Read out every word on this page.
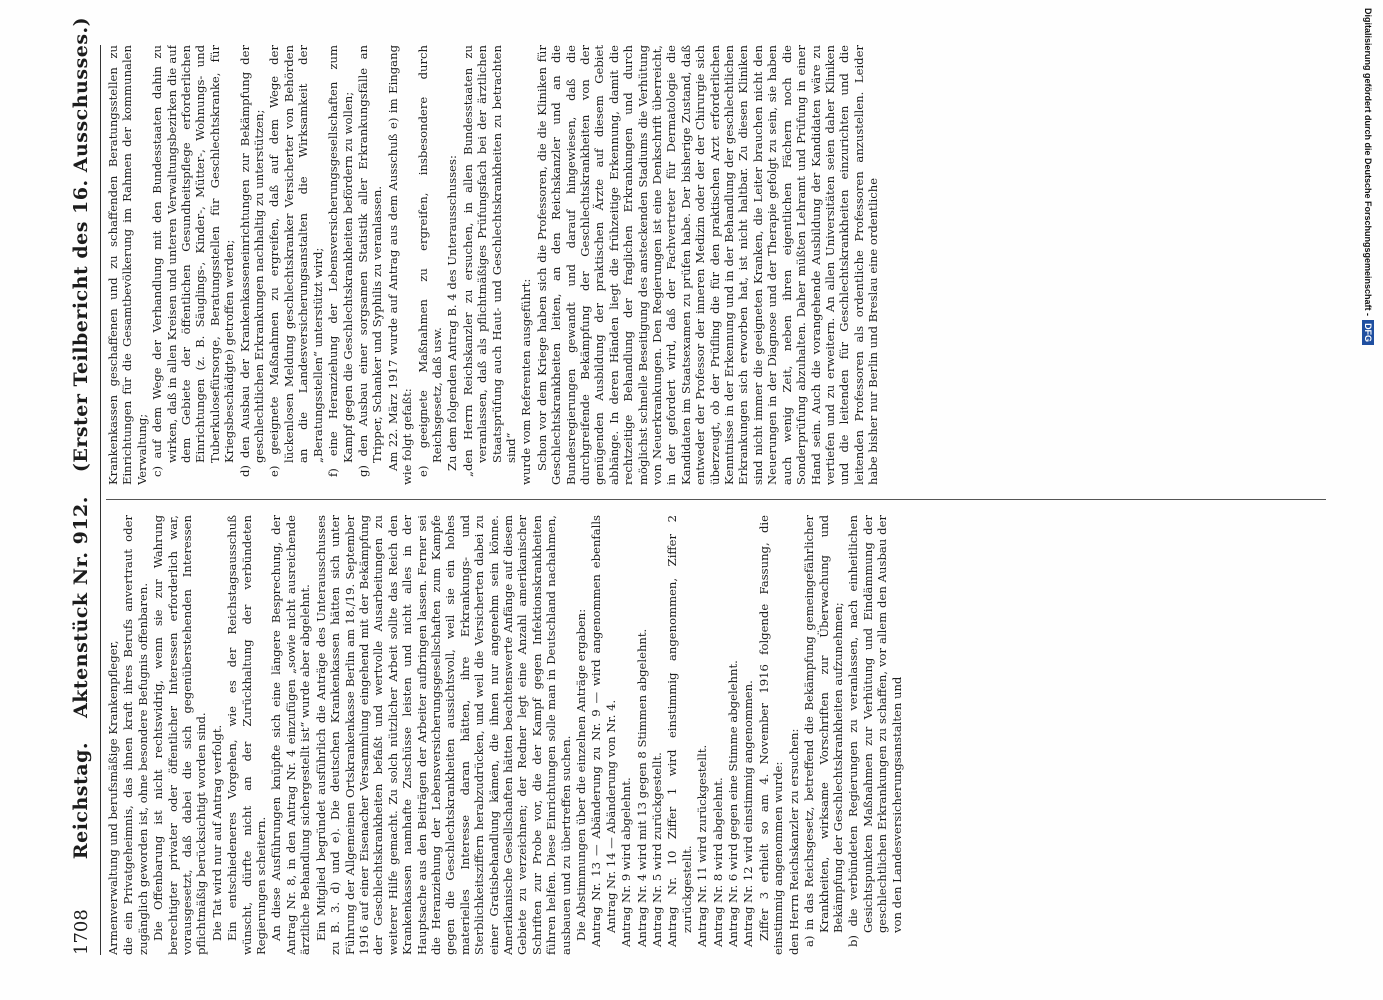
1708
Reichstag.
Aktenstück Nr. 912.
(Erster Teilbericht des 16. Ausschusses.)

Armenverwaltung und berufsmäßige Krankenpfleger, die ein Privatgeheimnis, das ihnen kraft ihres Berufs anvertraut oder zugänglich geworden ist, ohne besondere Befugnis offenbaren. Die Offenbarung ist nicht rechtswidrig, wenn sie zur Wahrung berechtigter privater oder öffentlicher Interessen erforderlich war, vorausgesetzt, daß dabei die sich gegenüberstehenden Interessen pflichtmäßig berücksichtigt worden sind. Die Tat wird nur auf Antrag verfolgt. Ein entschiedeneres Vorgehen, wie es der Reichstagsausschuß wünscht, dürfte nicht an der Zurückhaltung der verbündeten Regierungen scheitern. An diese Ausführungen knüpfte sich eine längere Besprechung, der Antrag Nr. 8, in den Antrag Nr. 4 einzufügen „sowie nicht ausreichende ärztliche Behandlung sichergestellt ist“ wurde aber abgelehnt. Ein Mitglied begründet ausführlich die Anträge des Unterausschusses zu B. 3. d) und e). Die deutschen Krankenkassen hätten sich unter Führung der Allgemeinen Ortskrankenkasse Berlin am 18./19. September 1916 auf einer Eisenacher Versammlung eingehend mit der Bekämpfung der Geschlechtskrankheiten befaßt und wertvolle Ausarbeitungen zu weiterer Hilfe gemacht. Zu solch nützlicher Arbeit sollte das Reich den Krankenkassen namhafte Zuschüsse leisten und nicht alles in der Hauptsache aus den Beiträgen der Arbeiter aufbringen lassen. Ferner sei die Heranziehung der Lebensversicherungsgesellschaften zum Kampfe gegen die Geschlechtskrankheiten aussichtsvoll, weil sie ein hohes materielles Interesse daran hätten, ihre Erkrankungs- und Sterblichkeitsziffern herabzudrücken, und weil die Versicherten dabei zu einer Gratisbehandlung kämen, die ihnen nur angenehm sein könne. Amerikanische Gesellschaften hätten beachtenswerte Anfänge auf diesem Gebiete zu verzeichnen; der Redner legt eine Anzahl amerikanischer Schriften zur Probe vor, die der Kampf gegen Infektionskrankheiten führen helfen. Diese Einrichtungen solle man in Deutschland nachahmen, ausbauen und zu übertreffen suchen. Die Abstimmungen über die einzelnen Anträge ergaben: Antrag Nr. 13 — Abänderung zu Nr. 9 — wird angenommen ebenfalls Antrag Nr. 14 — Abänderung von Nr. 4. Antrag Nr. 9 wird abgelehnt. Antrag Nr. 4 wird mit 13 gegen 8 Stimmen abgelehnt. Antrag Nr. 5 wird zurückgestellt. Antrag Nr. 10 Ziffer 1 wird einstimmig angenommen, Ziffer 2 zurückgestellt. Antrag Nr. 11 wird zurückgestellt. Antrag Nr. 8 wird abgelehnt. Antrag Nr. 6 wird gegen eine Stimme abgelehnt. Antrag Nr. 12 wird einstimmig angenommen. Ziffer 3 erhielt so am 4. November 1916 folgende Fassung, die einstimmig angenommen wurde: den Herrn Reichskanzler zu ersuchen: a) in das Reichsgesetz, betreffend die Bekämpfung gemeingefährlicher Krankheiten, wirksame Vorschriften zur Überwachung und Bekämpfung der Geschlechtskrankheiten aufzunehmen; b) die verbündeten Regierungen zu veranlassen, nach einheitlichen Gesichtspunkten Maßnahmen zur Verhütung und Eindämmung der geschlechtlichen Erkrankungen zu schaffen, vor allem den Ausbau der von den Landesversicherungsanstalten und

Krankenkassen geschaffenen und zu schaffenden Beratungsstellen zu Einrichtungen für die Gesamtbevölkerung im Rahmen der kommunalen Verwaltung; c) auf dem Wege der Verhandlung mit den Bundesstaaten dahin zu wirken, daß in allen Kreisen und unteren Verwaltungsbezirken die auf dem Gebiete der öffentlichen Gesundheitspflege erforderlichen Einrichtungen (z. B. Säuglings-, Kinder-, Mütter-, Wohnungs- und Tuberkulosefürsorge, Beratungsstellen für Geschlechtskranke, für Kriegsbeschädigte) getroffen werden; d) den Ausbau der Krankenkasseneinrichtungen zur Bekämpfung der geschlechtlichen Erkrankungen nachhaltig zu unterstützen; e) geeignete Maßnahmen zu ergreifen, daß auf dem Wege der lückenlosen Meldung geschlechtskranker Versicherter von Behörden an die Landesversicherungsanstalten die Wirksamkeit der „Beratungsstellen“ unterstützt wird; f) eine Heranziehung der Lebensversicherungsgesellschaften zum Kampf gegen die Geschlechtskrankheiten befördern zu wollen; g) den Ausbau einer sorgsamen Statistik aller Erkrankungsfälle an Tripper, Schanker und Syphilis zu veranlassen. Am 22. März 1917 wurde auf Antrag aus dem Ausschuß e) im Eingang wie folgt gefaßt: e) geeignete Maßnahmen zu ergreifen, insbesondere durch Reichsgesetz, daß usw. Zu dem folgenden Antrag B. 4 des Unterausschusses: „den Herrn Reichskanzler zu ersuchen, in allen Bundesstaaten zu veranlassen, daß als pflichtmäßiges Prüfungsfach bei der ärztlichen Staatsprüfung auch Haut- und Geschlechtskrankheiten zu betrachten sind“ wurde vom Referenten ausgeführt: Schon vor dem Kriege haben sich die Professoren, die die Kliniken für Geschlechtskrankheiten leiten, an den Reichskanzler und an die Bundesregierungen gewandt und darauf hingewiesen, daß die durchgreifende Bekämpfung der Geschlechtskrankheiten von der genügenden Ausbildung der praktischen Ärzte auf diesem Gebiet abhänge. In deren Händen liegt die frühzeitige Erkennung, damit die rechtzeitige Behandlung der fraglichen Erkrankungen und durch möglichst schnelle Beseitigung des ansteckenden Stadiums die Verhütung von Neuerkrankungen. Den Regierungen ist eine Denkschrift überreicht, in der gefordert wird, daß der Fachvertreter für Dermatologie die Kandidaten im Staatsexamen zu prüfen habe. Der bisherige Zustand, daß entweder der Professor der inneren Medizin oder der der Chirurgie sich überzeugt, ob der Prüfling die für den praktischen Arzt erforderlichen Kenntnisse in der Erkennung und in der Behandlung der geschlechtlichen Erkrankungen sich erworben hat, ist nicht haltbar. Zu diesen Kliniken sind nicht immer die geeigneten Kranken, die Leiter brauchen nicht den Neuerungen in der Diagnose und der Therapie gefolgt zu sein, sie haben auch wenig Zeit, neben ihren eigentlichen Fächern noch die Sonderprüfung abzuhalten. Daher müßten Lehramt und Prüfung in einer Hand sein. Auch die vorangehende Ausbildung der Kandidaten wäre zu vertiefen und zu erweitern. An allen Universitäten seien daher Kliniken und die leitenden für Geschlechtskrankheiten einzurichten und die leitenden Professoren als ordentliche Professoren anzustellen. Leider habe bisher nur Berlin und Breslau eine ordentliche

Digitalisierung gefördert durch die Deutsche Forschungsgemeinschaft -
DFG
